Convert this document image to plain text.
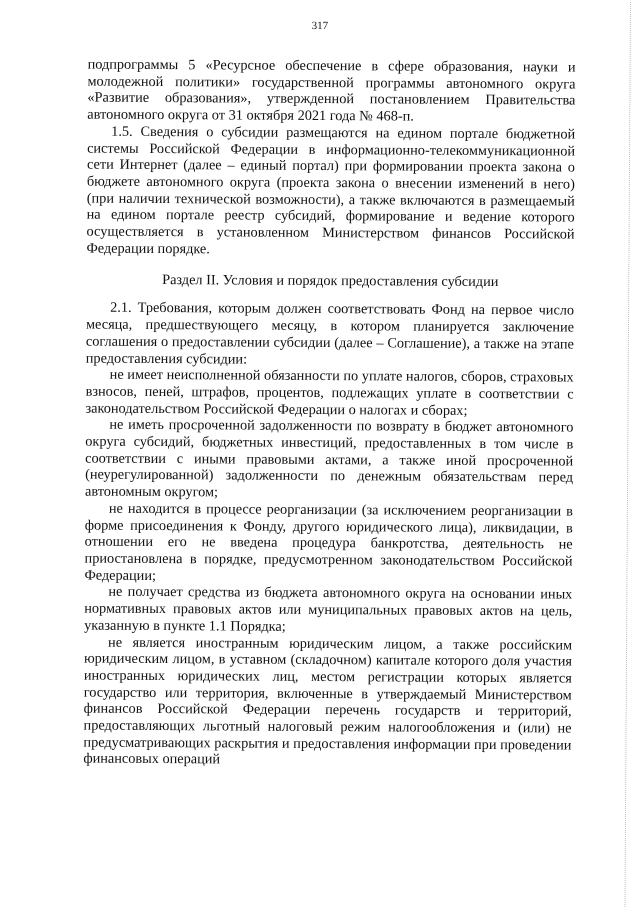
317

подпрограммы 5 «Ресурсное обеспечение в сфере образования, науки и молодежной политики» государственной программы автономного округа «Развитие образования», утвержденной постановлением Правительства автономного округа от 31 октября 2021 года № 468-п.

1.5. Сведения о субсидии размещаются на едином портале бюджетной системы Российской Федерации в информационно-телекоммуникационной сети Интернет (далее – единый портал) при формировании проекта закона о бюджете автономного округа (проекта закона о внесении изменений в него) (при наличии технической возможности), а также включаются в размещаемый на едином портале реестр субсидий, формирование и ведение которого осуществляется в установленном Министерством финансов Российской Федерации порядке.

Раздел II. Условия и порядок предоставления субсидии

2.1. Требования, которым должен соответствовать Фонд на первое число месяца, предшествующего месяцу, в котором планируется заключение соглашения о предоставлении субсидии (далее – Соглашение), а также на этапе предоставления субсидии:

не имеет неисполненной обязанности по уплате налогов, сборов, страховых взносов, пеней, штрафов, процентов, подлежащих уплате в соответствии с законодательством Российской Федерации о налогах и сборах;

не иметь просроченной задолженности по возврату в бюджет автономного округа субсидий, бюджетных инвестиций, предоставленных в том числе в соответствии с иными правовыми актами, а также иной просроченной (неурегулированной) задолженности по денежным обязательствам перед автономным округом;

не находится в процессе реорганизации (за исключением реорганизации в форме присоединения к Фонду, другого юридического лица), ликвидации, в отношении его не введена процедура банкротства, деятельность не приостановлена в порядке, предусмотренном законодательством Российской Федерации;

не получает средства из бюджета автономного округа на основании иных нормативных правовых актов или муниципальных правовых актов на цель, указанную в пункте 1.1 Порядка;

не является иностранным юридическим лицом, а также российским юридическим лицом, в уставном (складочном) капитале которого доля участия иностранных юридических лиц, местом регистрации которых является государство или территория, включенные в утверждаемый Министерством финансов Российской Федерации перечень государств и территорий, предоставляющих льготный налоговый режим налогообложения и (или) не предусматривающих раскрытия и предоставления информации при проведении финансовых операций
